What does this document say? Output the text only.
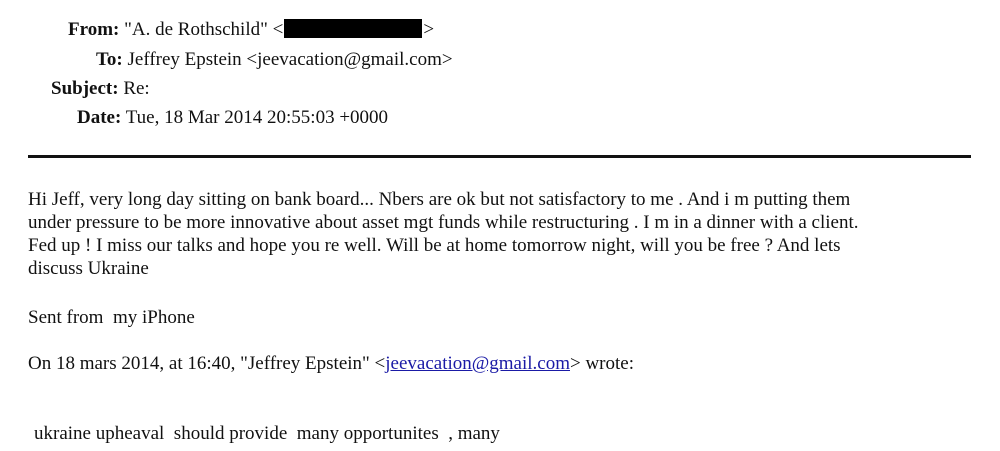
From: "A. de Rothschild" <	>
To: Jeffrey Epstein <jeevacation@gmail.com>
Subject: Re:
Date: Tue, 18 Mar 2014 20:55:03 +0000
Hi Jeff, very long day sitting on bank board... Nbers are ok but not satisfactory to me . And i m putting them
under pressure to be more innovative about asset mgt funds while restructuring . I m in a dinner with a client.
Fed up ! I miss our talks and hope you re well. Will be at home tomorrow night, will you be free ? And lets
discuss Ukraine
Sent from  my iPhone
On 18 mars 2014, at 16:40, "Jeffrey Epstein" <jeevacation@gmail.com> wrote:
ukraine upheaval  should provide  many opportunites  , many
